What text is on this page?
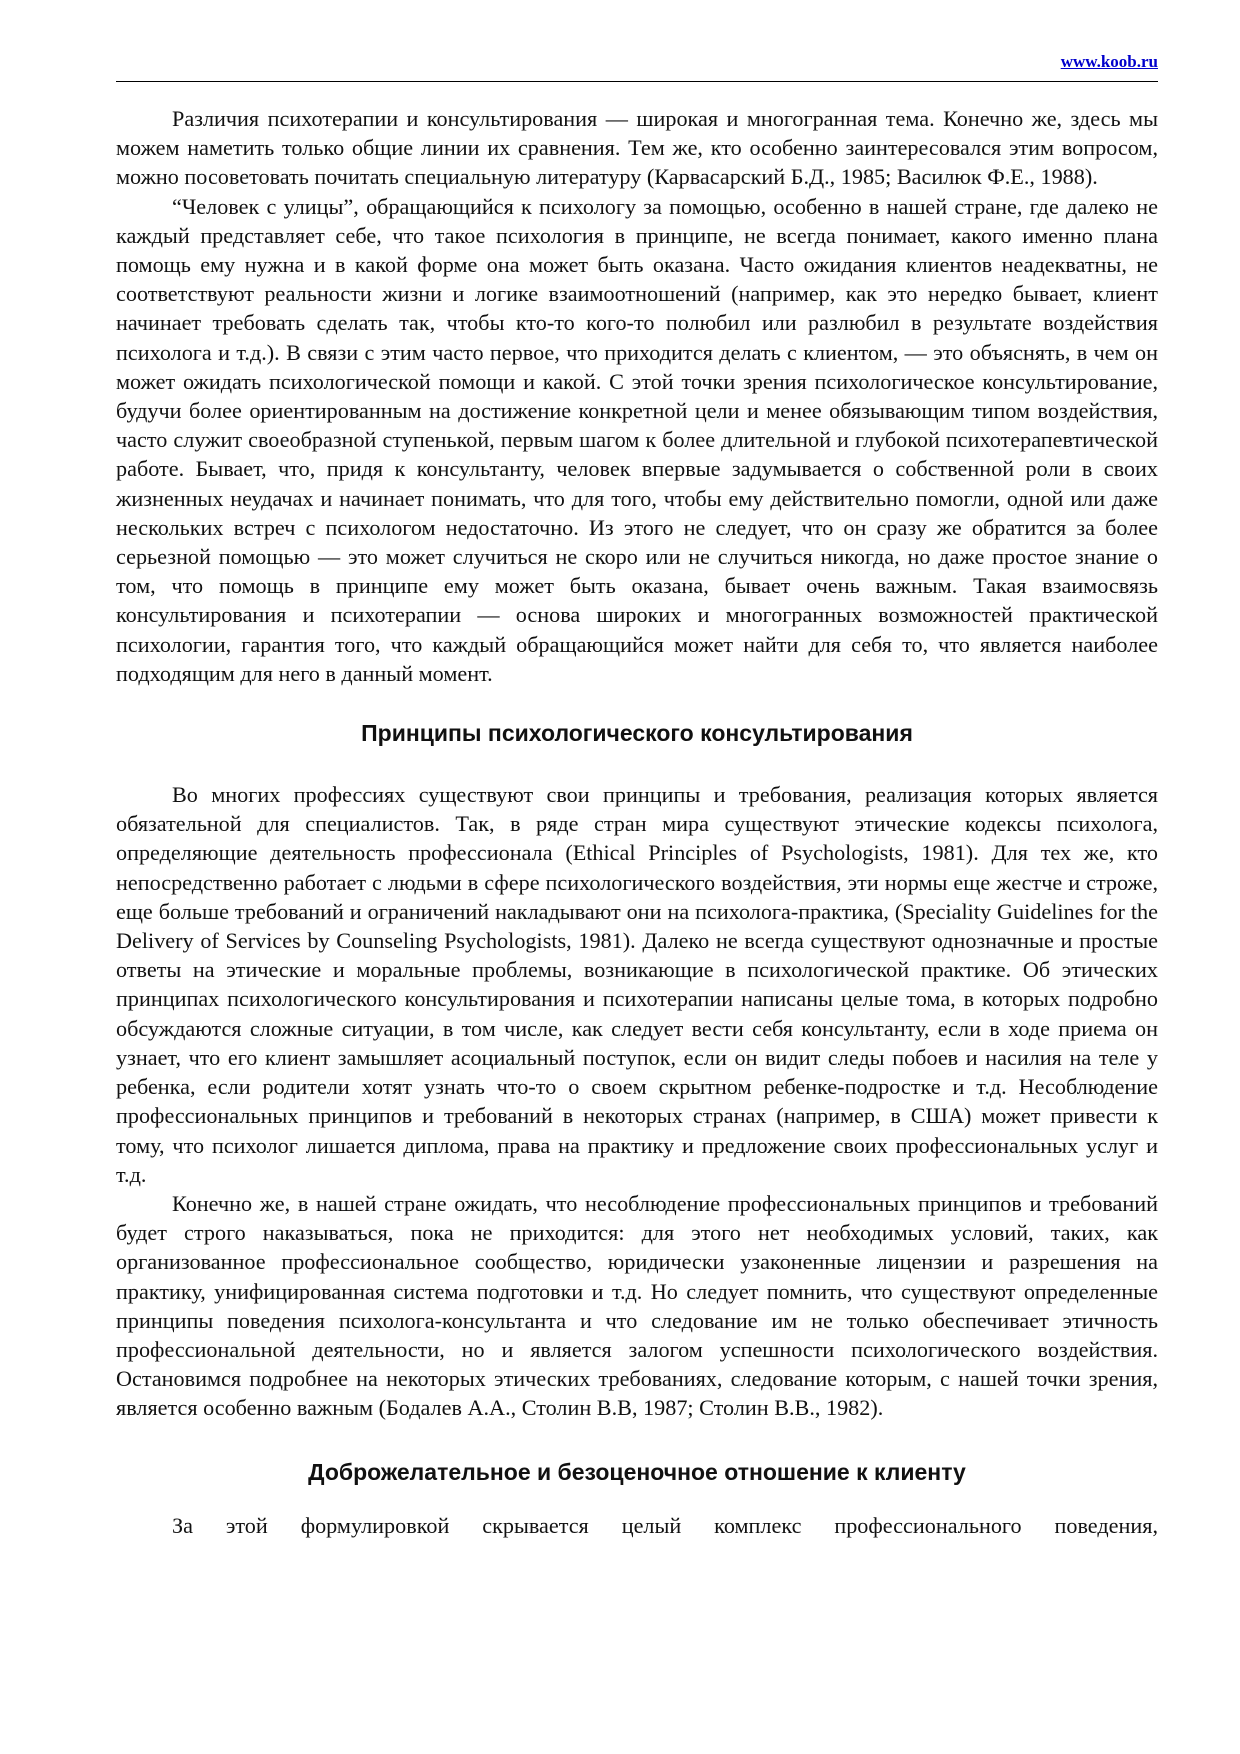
www.koob.ru

Различия психотерапии и консультирования — широкая и многогранная тема. Конечно же, здесь мы можем наметить только общие линии их сравнения. Тем же, кто особенно заинтересовался этим вопросом, можно посоветовать почитать специальную литературу (Карвасарский Б.Д., 1985; Василюк Ф.Е., 1988).

“Человек с улицы”, обращающийся к психологу за помощью, особенно в нашей стране, где далеко не каждый представляет себе, что такое психология в принципе, не всегда понимает, какого именно плана помощь ему нужна и в какой форме она может быть оказана. Часто ожидания клиентов неадекватны, не соответствуют реальности жизни и логике взаимоотношений (например, как это нередко бывает, клиент начинает требовать сделать так, чтобы кто-то кого-то полюбил или разлюбил в результате воздействия психолога и т.д.). В связи с этим часто первое, что приходится делать с клиентом, — это объяснять, в чем он может ожидать психологической помощи и какой. С этой точки зрения психологическое консультирование, будучи более ориентированным на достижение конкретной цели и менее обязывающим типом воздействия, часто служит своеобразной ступенькой, первым шагом к более длительной и глубокой психотерапевтической работе. Бывает, что, придя к консультанту, человек впервые задумывается о собственной роли в своих жизненных неудачах и начинает понимать, что для того, чтобы ему действительно помогли, одной или даже нескольких встреч с психологом недостаточно. Из этого не следует, что он сразу же обратится за более серьезной помощью — это может случиться не скоро или не случиться никогда, но даже простое знание о том, что помощь в принципе ему может быть оказана, бывает очень важным. Такая взаимосвязь консультирования и психотерапии — основа широких и многогранных возможностей практической психологии, гарантия того, что каждый обращающийся может найти для себя то, что является наиболее подходящим для него в данный момент.

Принципы психологического консультирования

Во многих профессиях существуют свои принципы и требования, реализация которых является обязательной для специалистов. Так, в ряде стран мира существуют этические кодексы психолога, определяющие деятельность профессионала (Ethical Principles of Psychologists, 1981). Для тех же, кто непосредственно работает с людьми в сфере психологического воздействия, эти нормы еще жестче и строже, еще больше требований и ограничений накладывают они на психолога-практика, (Speciality Guidelines for the Delivery of Services by Counseling Psychologists, 1981). Далеко не всегда существуют однозначные и простые ответы на этические и моральные проблемы, возникающие в психологической практике. Об этических принципах психологического консультирования и психотерапии написаны целые тома, в которых подробно обсуждаются сложные ситуации, в том числе, как следует вести себя консультанту, если в ходе приема он узнает, что его клиент замышляет асоциальный поступок, если он видит следы побоев и насилия на теле у ребенка, если родители хотят узнать что-то о своем скрытном ребенке-подростке и т.д. Несоблюдение профессиональных принципов и требований в некоторых странах (например, в США) может привести к тому, что психолог лишается диплома, права на практику и предложение своих профессиональных услуг и т.д.

Конечно же, в нашей стране ожидать, что несоблюдение профессиональных принципов и требований будет строго наказываться, пока не приходится: для этого нет необходимых условий, таких, как организованное профессиональное сообщество, юридически узаконенные лицензии и разрешения на практику, унифицированная система подготовки и т.д. Но следует помнить, что существуют определенные принципы поведения психолога-консультанта и что следование им не только обеспечивает этичность профессиональной деятельности, но и является залогом успешности психологического воздействия. Остановимся подробнее на некоторых этических требованиях, следование которым, с нашей точки зрения, является особенно важным (Бодалев А.А., Столин В.В, 1987; Столин В.В., 1982).

Доброжелательное и безоценочное отношение к клиенту

За этой формулировкой скрывается целый комплекс профессионального поведения,
